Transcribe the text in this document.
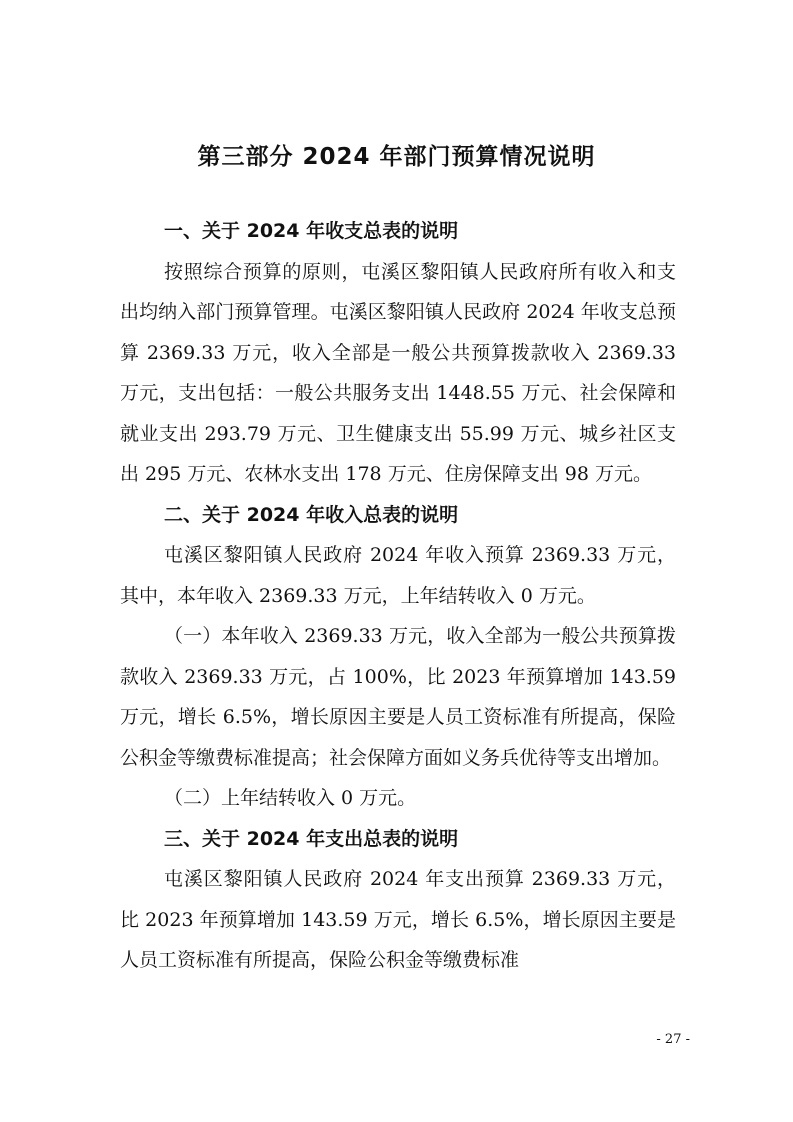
第三部分 2024 年部门预算情况说明
一、关于 2024 年收支总表的说明

按照综合预算的原则，屯溪区黎阳镇人民政府所有收入和支出均纳入部门预算管理。屯溪区黎阳镇人民政府 2024 年收支总预算 2369.33 万元，收入全部是一般公共预算拨款收入 2369.33 万元，支出包括：一般公共服务支出 1448.55 万元、社会保障和就业支出 293.79 万元、卫生健康支出 55.99 万元、城乡社区支出 295 万元、农林水支出 178 万元、住房保障支出 98 万元。

二、关于 2024 年收入总表的说明

屯溪区黎阳镇人民政府 2024 年收入预算 2369.33 万元，其中，本年收入 2369.33 万元，上年结转收入 0 万元。

（一）本年收入 2369.33 万元，收入全部为一般公共预算拨款收入 2369.33 万元，占 100%，比 2023 年预算增加 143.59 万元，增长 6.5%，增长原因主要是人员工资标准有所提高，保险公积金等缴费标准提高；社会保障方面如义务兵优待等支出增加。

（二）上年结转收入 0 万元。

三、关于 2024 年支出总表的说明

屯溪区黎阳镇人民政府 2024 年支出预算 2369.33 万元，比 2023 年预算增加 143.59 万元，增长 6.5%，增长原因主要是人员工资标准有所提高，保险公积金等缴费标准

- 27 -
